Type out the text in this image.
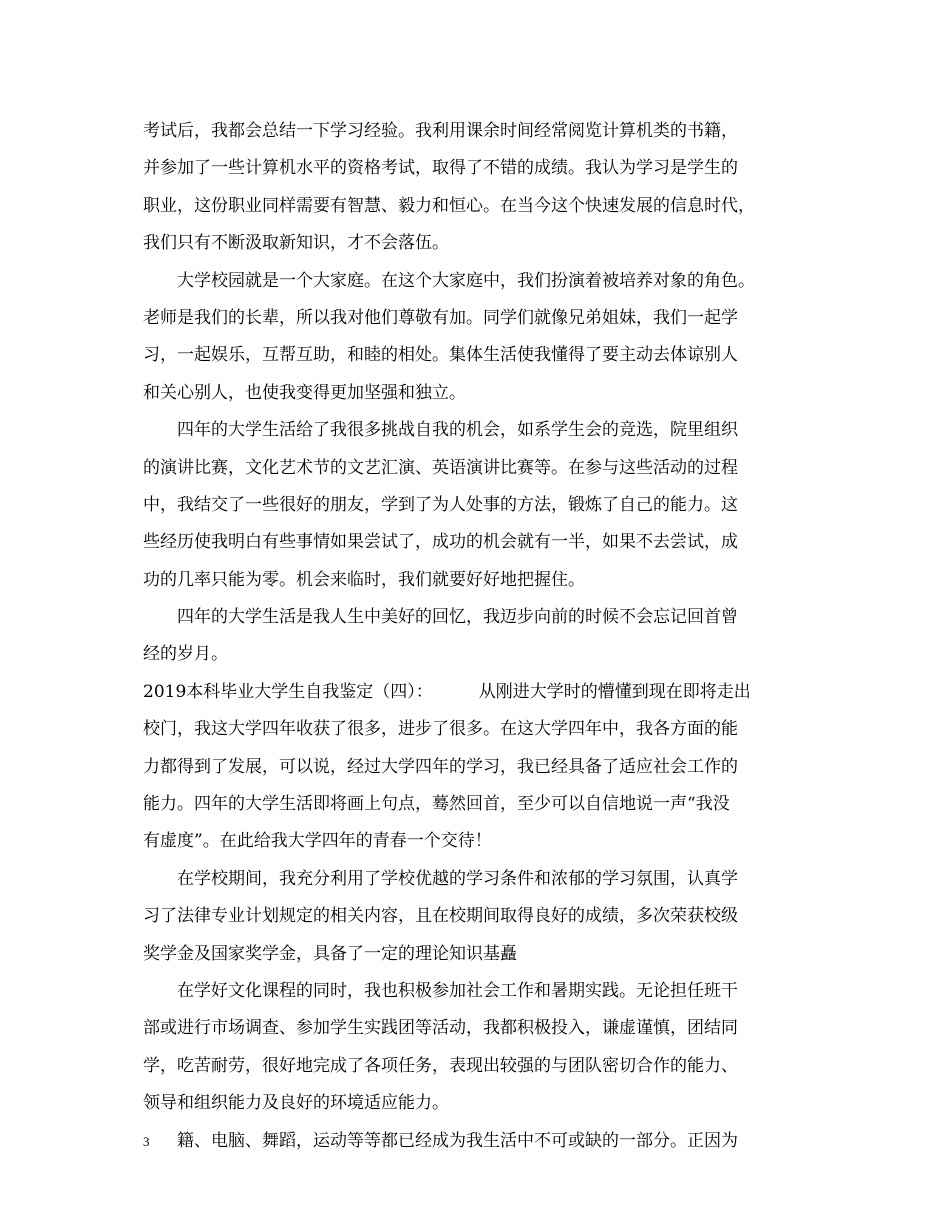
考试后，我都会总结一下学习经验。我利用课余时间经常阅览计算机类的书籍，
并参加了一些计算机水平的资格考试，取得了不错的成绩。我认为学习是学生的
职业，这份职业同样需要有智慧、毅力和恒心。在当今这个快速发展的信息时代，
我们只有不断汲取新知识，才不会落伍。
大学校园就是一个大家庭。在这个大家庭中，我们扮演着被培养对象的角色。
老师是我们的长辈，所以我对他们尊敬有加。同学们就像兄弟姐妹，我们一起学
习，一起娱乐，互帮互助，和睦的相处。集体生活使我懂得了要主动去体谅别人
和关心别人，也使我变得更加坚强和独立。
四年的大学生活给了我很多挑战自我的机会，如系学生会的竞选，院里组织
的演讲比赛，文化艺术节的文艺汇演、英语演讲比赛等。在参与这些活动的过程
中，我结交了一些很好的朋友，学到了为人处事的方法，锻炼了自己的能力。这
些经历使我明白有些事情如果尝试了，成功的机会就有一半，如果不去尝试，成
功的几率只能为零。机会来临时，我们就要好好地把握住。
四年的大学生活是我人生中美好的回忆，我迈步向前的时候不会忘记回首曾
经的岁月。
2019本科毕业大学生自我鉴定（四）：	从刚进大学时的懵懂到现在即将走出
校门，我这大学四年收获了很多，进步了很多。在这大学四年中，我各方面的能
力都得到了发展，可以说，经过大学四年的学习，我已经具备了适应社会工作的
能力。四年的大学生活即将画上句点，蓦然回首，至少可以自信地说一声“我没
有虚度”。在此给我大学四年的青春一个交待！
在学校期间，我充分利用了学校优越的学习条件和浓郁的学习氛围，认真学
习了法律专业计划规定的相关内容，且在校期间取得良好的成绩，多次荣获校级
奖学金及国家奖学金，具备了一定的理论知识基矗
在学好文化课程的同时，我也积极参加社会工作和暑期实践。无论担任班干
部或进行市场调查、参加学生实践团等活动，我都积极投入，谦虚谨慎，团结同
学，吃苦耐劳，很好地完成了各项任务，表现出较强的与团队密切合作的能力、
领导和组织能力及良好的环境适应能力。
籍、电脑、舞蹈，运动等等都已经成为我生活中不可或缺的一部分。正因为
3
